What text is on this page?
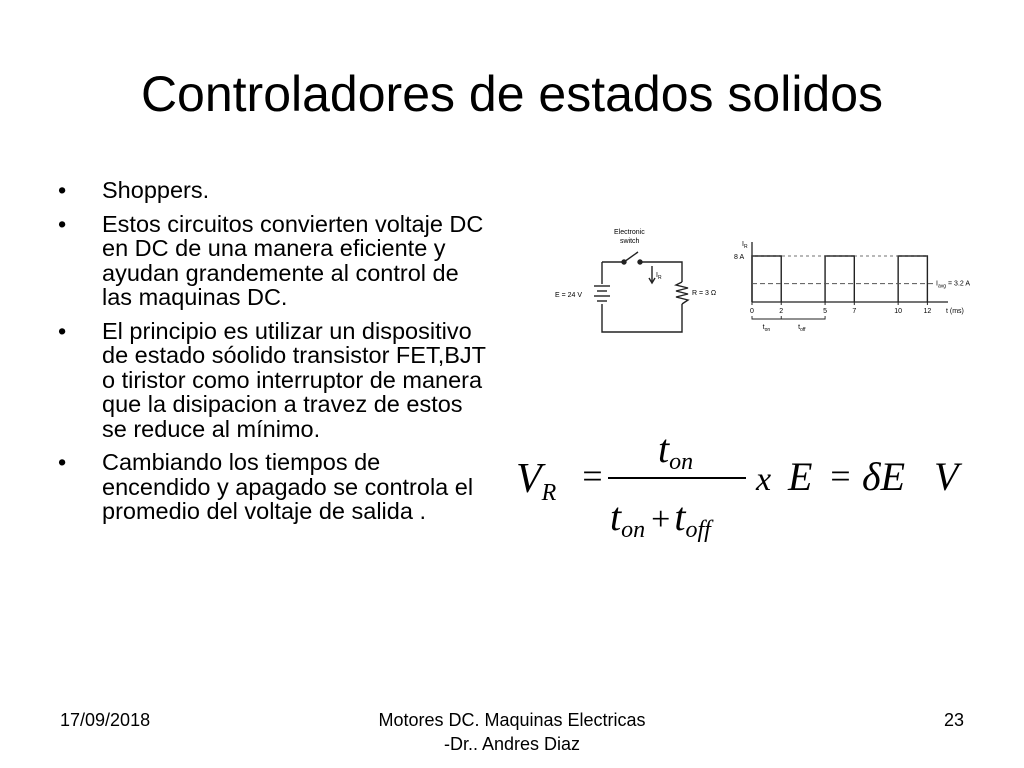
Controladores de estados solidos
• Shoppers.
• Estos circuitos convierten voltaje DC en DC de una manera eficiente y ayudan grandemente al control de las maquinas DC.
• El principio es utilizar un dispositivo de estado sóolido transistor FET,BJT o tiristor como interruptor de manera que la disipacion a travez de estos se reduce al mínimo.
• Cambiando los tiempos de encendido y apagado se controla el promedio del voltaje de salida .
Electronic
switch
E = 24 V	R = 3 Ω
$I_R$
0	2	5	7	10	12 t (ms)
$I_R$
8 A
$I_{avg} = 3.2$ A
$t_{on}$	$t_{off}$
VR =
ton
ton + toff
x E = δE V
17/09/2018	Motores DC. Maquinas Electricas
-Dr.. Andres Diaz
23
